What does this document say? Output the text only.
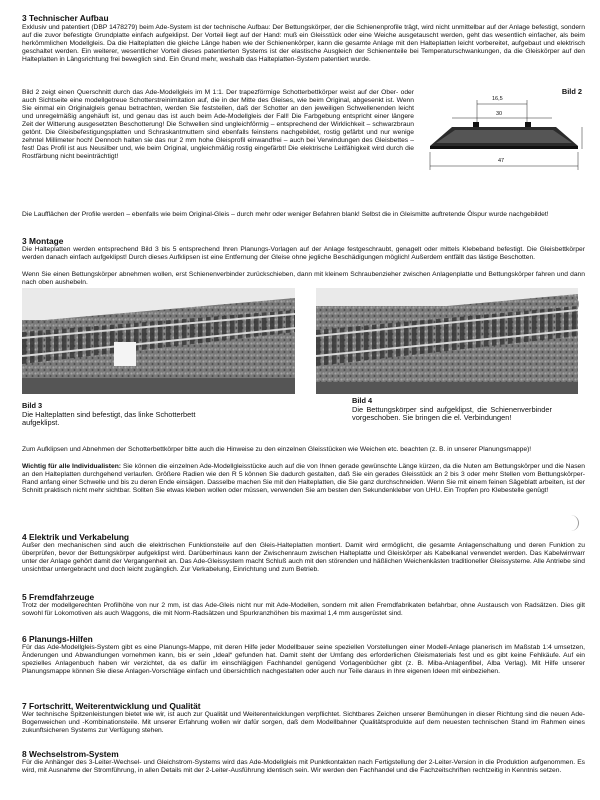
3 Technischer Aufbau

Exklusiv und patentiert (DBP 1478279) beim Ade-System ist der technische Aufbau: Der Bettungskörper, der die Schienenprofile trägt, wird nicht unmittelbar auf der Anlage befestigt, sondern auf die zuvor befestigte Grundplatte einfach aufgeklipst. Der Vorteil liegt auf der Hand: muß ein Gleisstück oder eine Weiche ausgetauscht werden, geht das wesentlich einfacher, als beim herkömmlichen Modellgleis. Da die Halteplatten die gleiche Länge haben wie der Schienenkörper, kann die gesamte Anlage mit den Halteplatten leicht vorbereitet, aufgebaut und elektrisch geschaltet werden. Ein weiterer, wesentlicher Vorteil dieses patentierten Systems ist der elastische Ausgleich der Schienenteile bei Temperaturschwankungen, da die Gleiskörper auf den Halteplatten in Längsrichtung frei beweglich sind. Ein Grund mehr, weshalb das Halteplatten-System patentiert wurde.

Bild 2 zeigt einen Querschnitt durch das Ade-Modellgleis im M 1:1. Der trapezförmige Schotterbettkörper weist auf der Ober- oder auch Sichtseite eine modellgetreue Schotterstreinimitation auf, die in der Mitte des Gleises, wie beim Original, abgesenkt ist. Wenn Sie einmal ein Originalgleis genau betrachten, werden Sie feststellen, daß der Schotter an den jeweiligen Schwellenenden leicht und unregelmäßig angehäuft ist, und genau das ist auch beim Ade-Modellgleis der Fall! Die Farbgebung entspricht einer längere Zeit der Witterung ausgesetzten Beschotterung! Die Schwellen sind ungleichförmig – entsprechend der Wirklichkeit – schwarzbraun getönt. Die Gleisbefestigungsplatten und Schraskantmuttern sind ebenfalls feinstens nachgebildet, rostig gefärbt und nur wenige zehntel Millimeter hoch! Dennoch halten sie das nur 2 mm hohe Gleisprofil einwandfrei – auch bei Verwindungen des Gleisbettes – fest! Das Profil ist aus Neusilber und, wie beim Original, ungleichmäßig rostig eingefärbt! Die elektrische Leitfähigkeit wird durch die Rostfärbung nicht beeinträchtigt!

Bild 2
16,5
30
47

Die Laufflächen der Profile werden – ebenfalls wie beim Original-Gleis – durch mehr oder weniger Befahren blank! Selbst die in Gleismitte auftretende Ölspur wurde nachgebildet!

3 Montage

Die Halteplatten werden entsprechend Bild 3 bis 5 entsprechend Ihren Planungs-Vorlagen auf der Anlage festgeschraubt, genagelt oder mittels Klebeband befestigt. Die Gleisbettkörper werden danach einfach aufgeklipst! Durch dieses Aufklipsen ist eine Entfernung der Gleise ohne jegliche Beschädigungen möglich! Außerdem entfällt das lästige Beschotten.

Wenn Sie einen Bettungskörper abnehmen wollen, erst Schienenverbinder zurückschieben, dann mit kleinem Schraubenzieher zwischen Anlagenplatte und Bettungskörper fahren und dann nach oben aushebeln.

Bild 3
Die Halteplatten sind befestigt, das linke Schotterbett aufgeklipst.
Bild 4
Die Bettungskörper sind aufgeklipst, die Schienenverbinder vorgeschoben. Sie bringen die el. Verbindungen!

Zum Aufklipsen und Abnehmen der Schotterbettkörper bitte auch die Hinweise zu den einzelnen Gleisstücken wie Weichen etc. beachten (z. B. in unserer Planungsmappe)!

Wichtig für alle Individualisten: Sie können die einzelnen Ade-Modellgleisstücke auch auf die von Ihnen gerade gewünschte Länge kürzen, da die Nuten am Bettungskörper und die Nasen an den Halteplatten durchgehend verlaufen. Größere Radien wie den R 5 können Sie dadurch gestalten, daß Sie ein gerades Gleisstück an 2 bis 3 oder mehr Stellen vom Bettungskörper-Rand anfang einer Schwelle und bis zu deren Ende einsägen. Dasselbe machen Sie mit den Halteplatten, die Sie ganz durchschneiden. Wenn Sie mit einem feinen Sägeblatt arbeiten, ist der Schnitt praktisch nicht mehr sichtbar. Sollten Sie etwas kleben wollen oder müssen, verwenden Sie am besten den Sekundenkleber von UHU. Ein Tropfen pro Klebestelle genügt!

4 Elektrik und Verkabelung

Außer den mechanischen sind auch die elektrischen Funktionsteile auf den Gleis-Halteplatten montiert. Damit wird ermöglicht, die gesamte Anlagenschaltung und deren Funktion zu überprüfen, bevor der Bettungskörper aufgeklipst wird. Darüberhinaus kann der Zwischenraum zwischen Halteplatte und Gleiskörper als Kabelkanal verwendet werden. Das Kabelwirrwarr unter der Anlage gehört damit der Vergangenheit an. Das Ade-Gleissystem macht Schluß auch mit den störenden und häßlichen Weichenkästen traditioneller Gleissysteme. Alle Antriebe sind unsichtbar untergebracht und doch leicht zugänglich. Zur Verkabelung, Einrichtung und zum Betrieb.

5 Fremdfahrzeuge

Trotz der modellgerechten Profilhöhe von nur 2 mm, ist das Ade-Gleis nicht nur mit Ade-Modellen, sondern mit allen Fremdfabrikaten befahrbar, ohne Austausch von Radsätzen. Dies gilt sowohl für Lokomotiven als auch Waggons, die mit Norm-Radsätzen und Spurkranzhöhen bis maximal 1,4 mm ausgerüstet sind.

6 Planungs-Hilfen

Für das Ade-Modellgleis-System gibt es eine Planungs-Mappe, mit deren Hilfe jeder Modellbauer seine speziellen Vorstellungen einer Modell-Anlage planerisch im Maßstab 1:4 umsetzen, Änderungen und Abwandlungen vornehmen kann, bis er sein „Ideal“ gefunden hat. Damit steht der Umfang des erforderlichen Gleismaterials fest und es gibt keine Fehlkäufe. Auf ein spezielles Anlagenbuch haben wir verzichtet, da es dafür im einschlägigen Fachhandel genügend Vorlagenbücher gibt (z. B. Miba-Anlagenfibel, Alba Verlag). Mit Hilfe unserer Planungsmappe können Sie diese Anlagen-Vorschläge einfach und übersichtlich nachgestalten oder auch nur Teile daraus in Ihre eigenen Ideen mit einbeziehen.

7 Fortschritt, Weiterentwicklung und Qualität

Wer technische Spitzenleistungen bietet wie wir, ist auch zur Qualität und Weiterentwicklungen verpflichtet. Sichtbares Zeichen unserer Bemühungen in dieser Richtung sind die neuen Ade-Bogenweichen und -Kombinationsteile. Mit unserer Erfahrung wollen wir dafür sorgen, daß dem Modellbahner Qualitätsprodukte auf dem neuesten technischen Stand im Rahmen eines zukunftsicheren Systems zur Verfügung stehen.

8 Wechselstrom-System

Für die Anhänger des 3-Leiter-Wechsel- und Gleichstrom-Systems wird das Ade-Modellgleis mit Punktkontakten nach Fertigstellung der 2-Leiter-Version in die Produktion aufgenommen. Es wird, mit Ausnahme der Stromführung, in allen Details mit der 2-Leiter-Ausführung identisch sein. Wir werden den Fachhandel und die Fachzeitschriften rechtzeitig in Kenntnis setzen.
